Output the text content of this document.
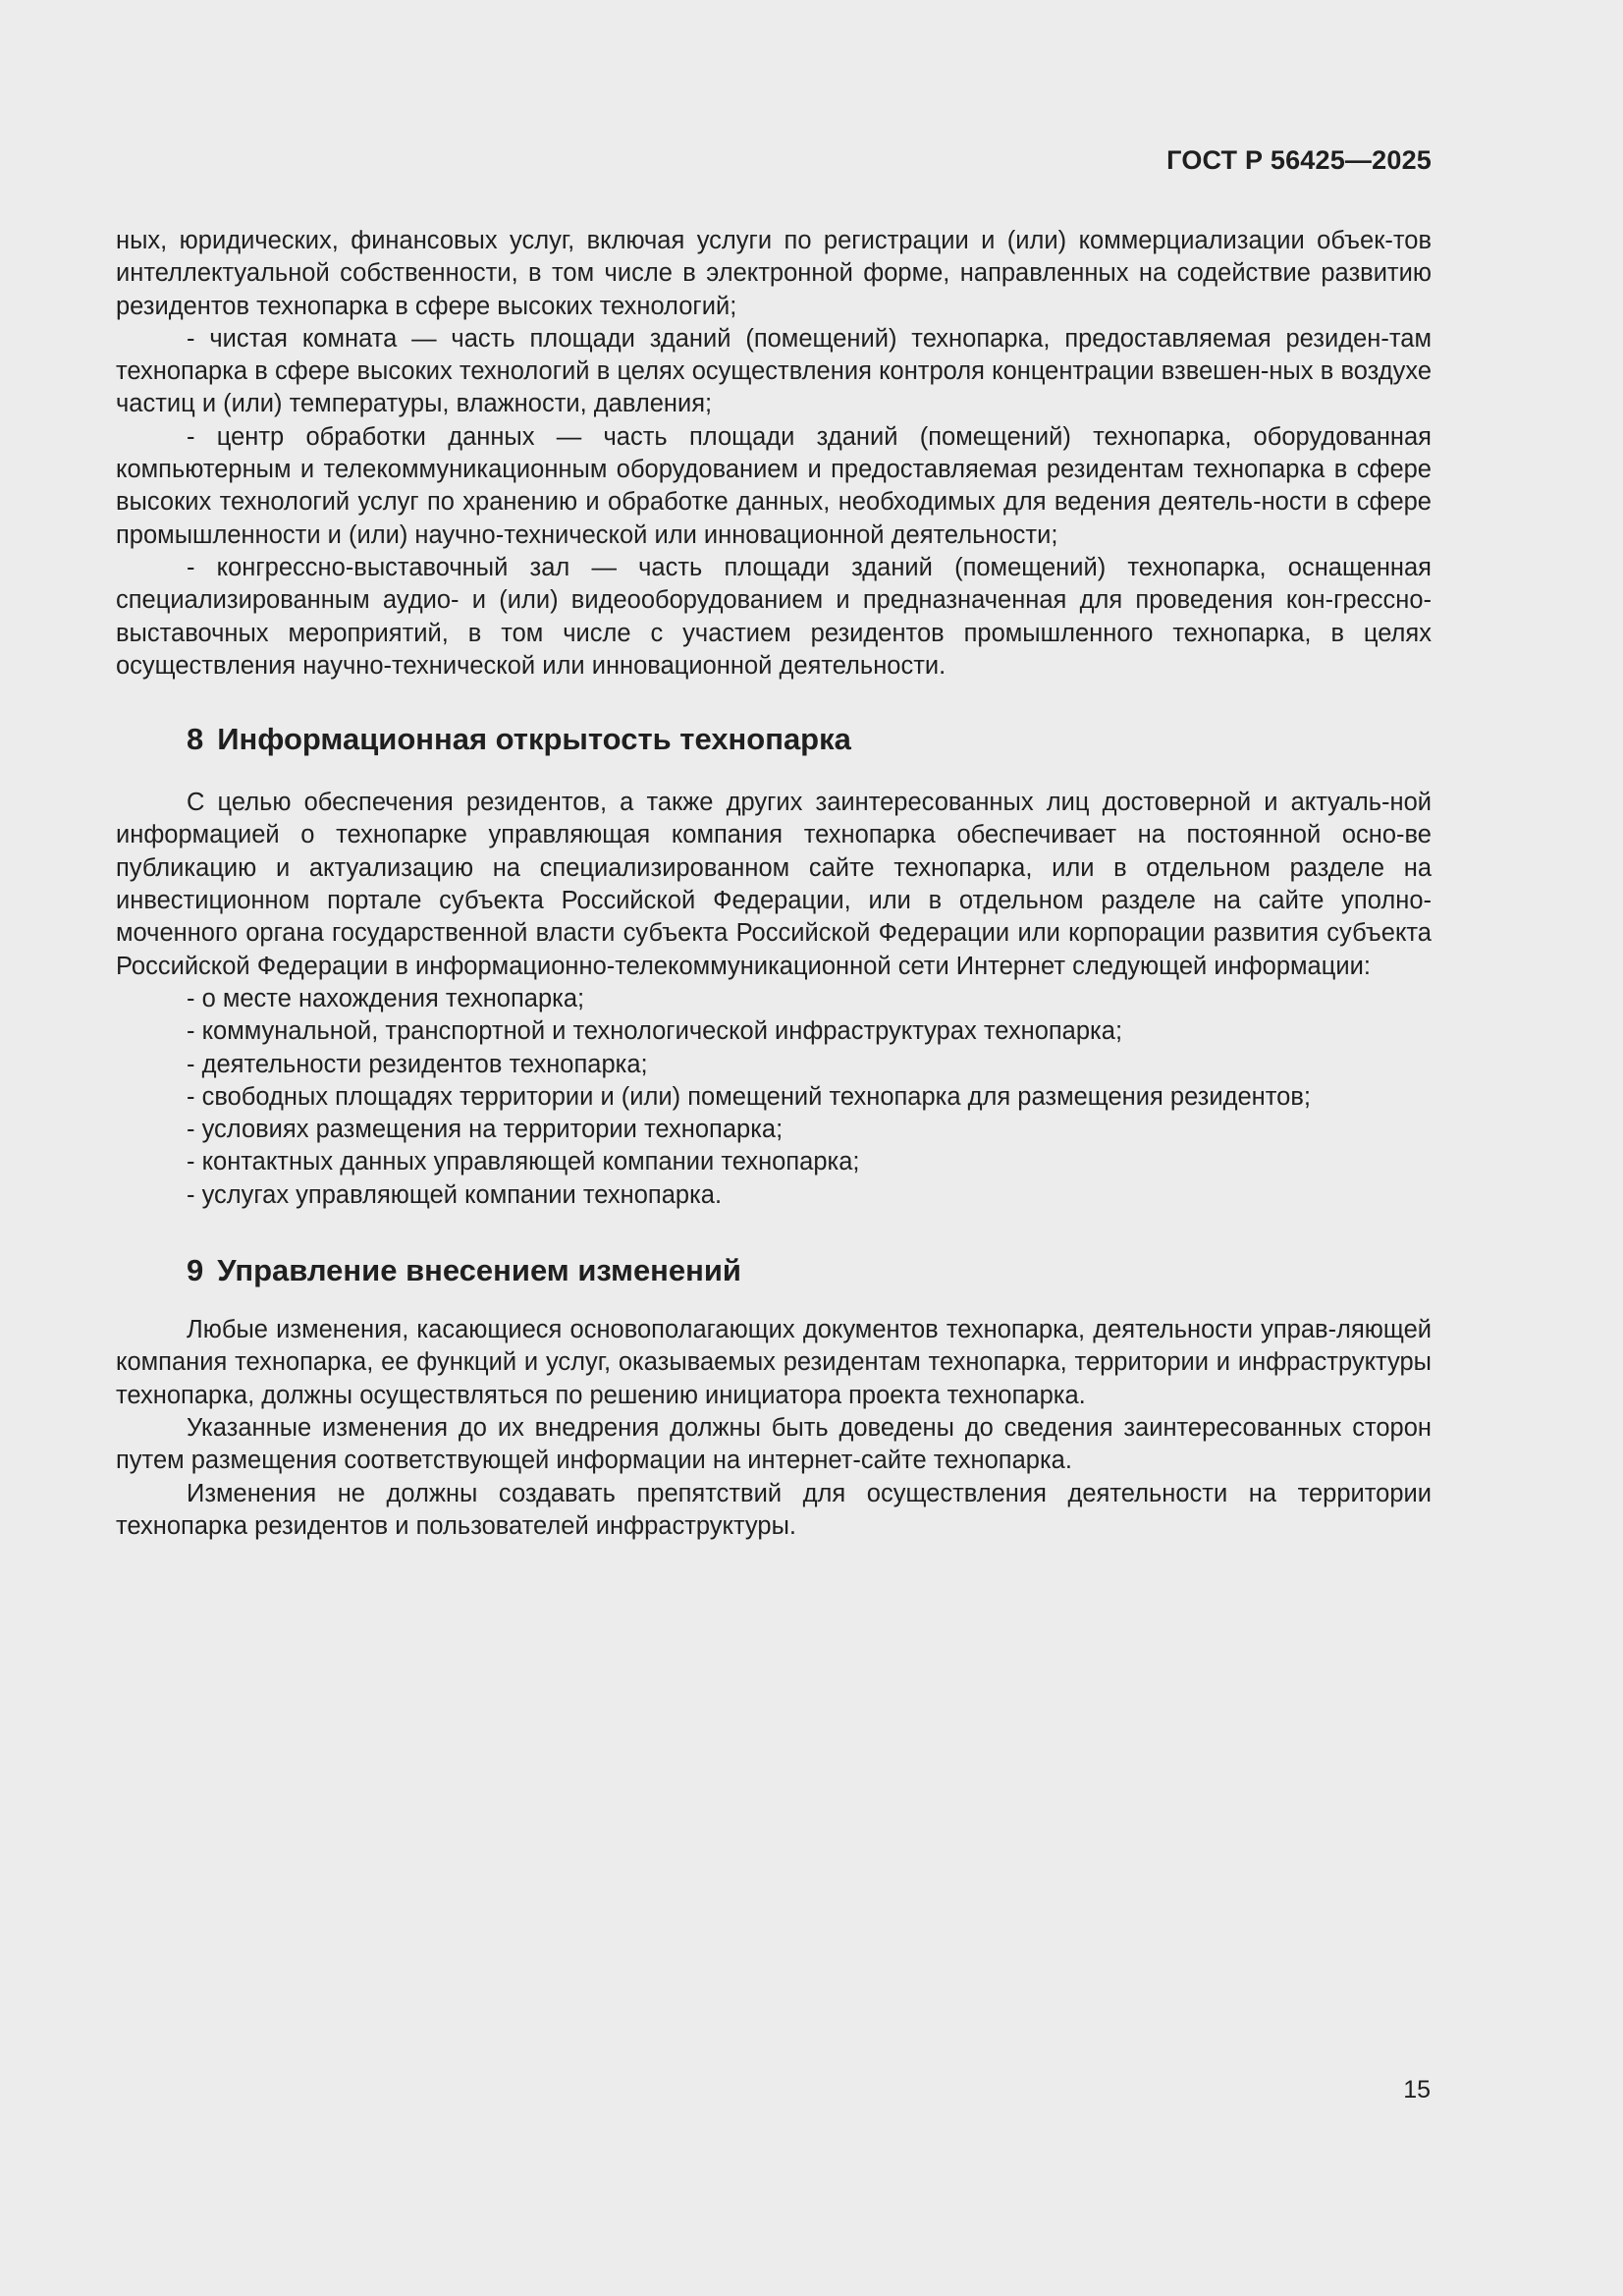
ГОСТ Р 56425—2025

ных, юридических, финансовых услуг, включая услуги по регистрации и (или) коммерциализации объек-тов интеллектуальной собственности, в том числе в электронной форме, направленных на содействие развитию резидентов технопарка в сфере высоких технологий;

- чистая комната — часть площади зданий (помещений) технопарка, предоставляемая резиден-там технопарка в сфере высоких технологий в целях осуществления контроля концентрации взвешен-ных в воздухе частиц и (или) температуры, влажности, давления;

- центр обработки данных — часть площади зданий (помещений) технопарка, оборудованная компьютерным и телекоммуникационным оборудованием и предоставляемая резидентам технопарка в сфере высоких технологий услуг по хранению и обработке данных, необходимых для ведения деятель-ности в сфере промышленности и (или) научно-технической или инновационной деятельности;

- конгрессно-выставочный зал — часть площади зданий (помещений) технопарка, оснащенная специализированным аудио- и (или) видеооборудованием и предназначенная для проведения кон-грессно-выставочных мероприятий, в том числе с участием резидентов промышленного технопарка, в целях осуществления научно-технической или инновационной деятельности.

8 Информационная открытость технопарка

С целью обеспечения резидентов, а также других заинтересованных лиц достоверной и актуаль-ной информацией о технопарке управляющая компания технопарка обеспечивает на постоянной осно-ве публикацию и актуализацию на специализированном сайте технопарка, или в отдельном разделе на инвестиционном портале субъекта Российской Федерации, или в отдельном разделе на сайте уполно-моченного органа государственной власти субъекта Российской Федерации или корпорации развития субъекта Российской Федерации в информационно-телекоммуникационной сети Интернет следующей информации:

- о месте нахождения технопарка;
- коммунальной, транспортной и технологической инфраструктурах технопарка;
- деятельности резидентов технопарка;
- свободных площадях территории и (или) помещений технопарка для размещения резидентов;
- условиях размещения на территории технопарка;
- контактных данных управляющей компании технопарка;
- услугах управляющей компании технопарка.
9 Управление внесением изменений

Любые изменения, касающиеся основополагающих документов технопарка, деятельности управ-ляющей компания технопарка, ее функций и услуг, оказываемых резидентам технопарка, территории и инфраструктуры технопарка, должны осуществляться по решению инициатора проекта технопарка.

Указанные изменения до их внедрения должны быть доведены до сведения заинтересованных сторон путем размещения соответствующей информации на интернет-сайте технопарка.

Изменения не должны создавать препятствий для осуществления деятельности на территории технопарка резидентов и пользователей инфраструктуры.

15
